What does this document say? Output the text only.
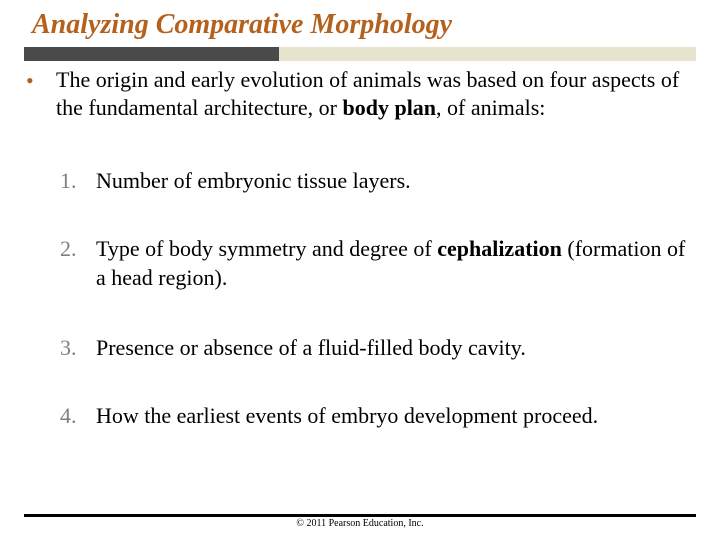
Analyzing Comparative Morphology
• The origin and early evolution of animals was based on four aspects of the fundamental architecture, or body plan, of animals:

1. Number of embryonic tissue layers.
2. Type of body symmetry and degree of cephalization (formation of a head region).
3. Presence or absence of a fluid-filled body cavity.
4. How the earliest events of embryo development proceed.
© 2011 Pearson Education, Inc.
